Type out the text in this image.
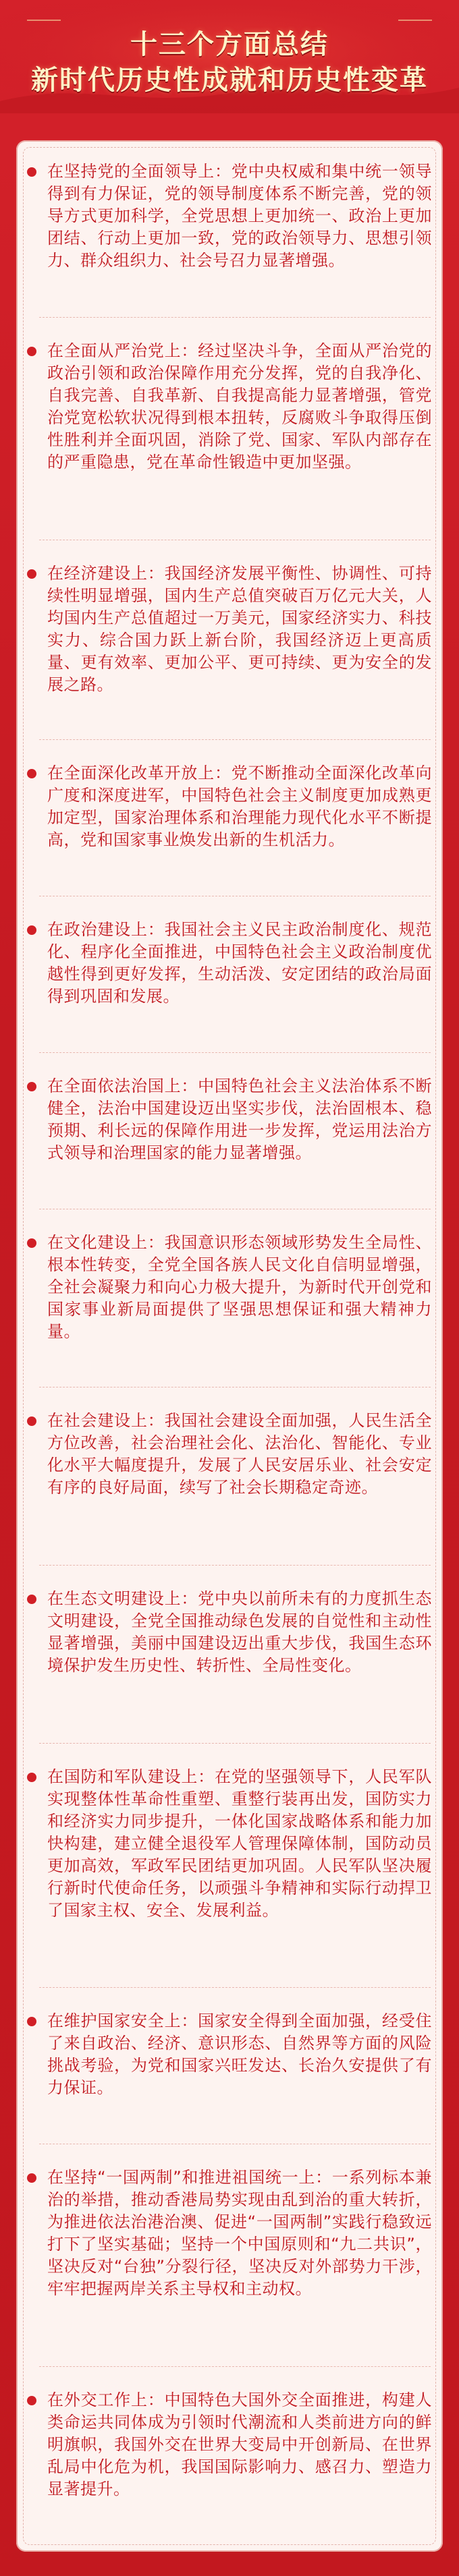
十三个方面总结
新时代历史性成就和历史性变革

在坚持党的全面领导上：党中央权威和集中统一领导得到有力保证，党的领导制度体系不断完善，党的领导方式更加科学，全党思想上更加统一、政治上更加团结、行动上更加一致，党的政治领导力、思想引领力、群众组织力、社会号召力显著增强。

在全面从严治党上：经过坚决斗争，全面从严治党的政治引领和政治保障作用充分发挥，党的自我净化、自我完善、自我革新、自我提高能力显著增强，管党治党宽松软状况得到根本扭转，反腐败斗争取得压倒性胜利并全面巩固，消除了党、国家、军队内部存在的严重隐患，党在革命性锻造中更加坚强。

在经济建设上：我国经济发展平衡性、协调性、可持续性明显增强，国内生产总值突破百万亿元大关，人均国内生产总值超过一万美元，国家经济实力、科技实力、综合国力跃上新台阶，我国经济迈上更高质量、更有效率、更加公平、更可持续、更为安全的发展之路。

在全面深化改革开放上：党不断推动全面深化改革向广度和深度进军，中国特色社会主义制度更加成熟更加定型，国家治理体系和治理能力现代化水平不断提高，党和国家事业焕发出新的生机活力。

在政治建设上：我国社会主义民主政治制度化、规范化、程序化全面推进，中国特色社会主义政治制度优越性得到更好发挥，生动活泼、安定团结的政治局面得到巩固和发展。

在全面依法治国上：中国特色社会主义法治体系不断健全，法治中国建设迈出坚实步伐，法治固根本、稳预期、利长远的保障作用进一步发挥，党运用法治方式领导和治理国家的能力显著增强。

在文化建设上：我国意识形态领域形势发生全局性、根本性转变，全党全国各族人民文化自信明显增强，全社会凝聚力和向心力极大提升，为新时代开创党和国家事业新局面提供了坚强思想保证和强大精神力量。

在社会建设上：我国社会建设全面加强，人民生活全方位改善，社会治理社会化、法治化、智能化、专业化水平大幅度提升，发展了人民安居乐业、社会安定有序的良好局面，续写了社会长期稳定奇迹。

在生态文明建设上：党中央以前所未有的力度抓生态文明建设，全党全国推动绿色发展的自觉性和主动性显著增强，美丽中国建设迈出重大步伐，我国生态环境保护发生历史性、转折性、全局性变化。

在国防和军队建设上：在党的坚强领导下，人民军队实现整体性革命性重塑、重整行装再出发，国防实力和经济实力同步提升，一体化国家战略体系和能力加快构建，建立健全退役军人管理保障体制，国防动员更加高效，军政军民团结更加巩固。人民军队坚决履行新时代使命任务，以顽强斗争精神和实际行动捍卫了国家主权、安全、发展利益。

在维护国家安全上：国家安全得到全面加强，经受住了来自政治、经济、意识形态、自然界等方面的风险挑战考验，为党和国家兴旺发达、长治久安提供了有力保证。

在坚持“一国两制”和推进祖国统一上：一系列标本兼治的举措，推动香港局势实现由乱到治的重大转折，为推进依法治港治澳、促进“一国两制”实践行稳致远打下了坚实基础；坚持一个中国原则和“九二共识”，坚决反对“台独”分裂行径，坚决反对外部势力干涉，牢牢把握两岸关系主导权和主动权。

在外交工作上：中国特色大国外交全面推进，构建人类命运共同体成为引领时代潮流和人类前进方向的鲜明旗帜，我国外交在世界大变局中开创新局、在世界乱局中化危为机，我国国际影响力、感召力、塑造力显著提升。
